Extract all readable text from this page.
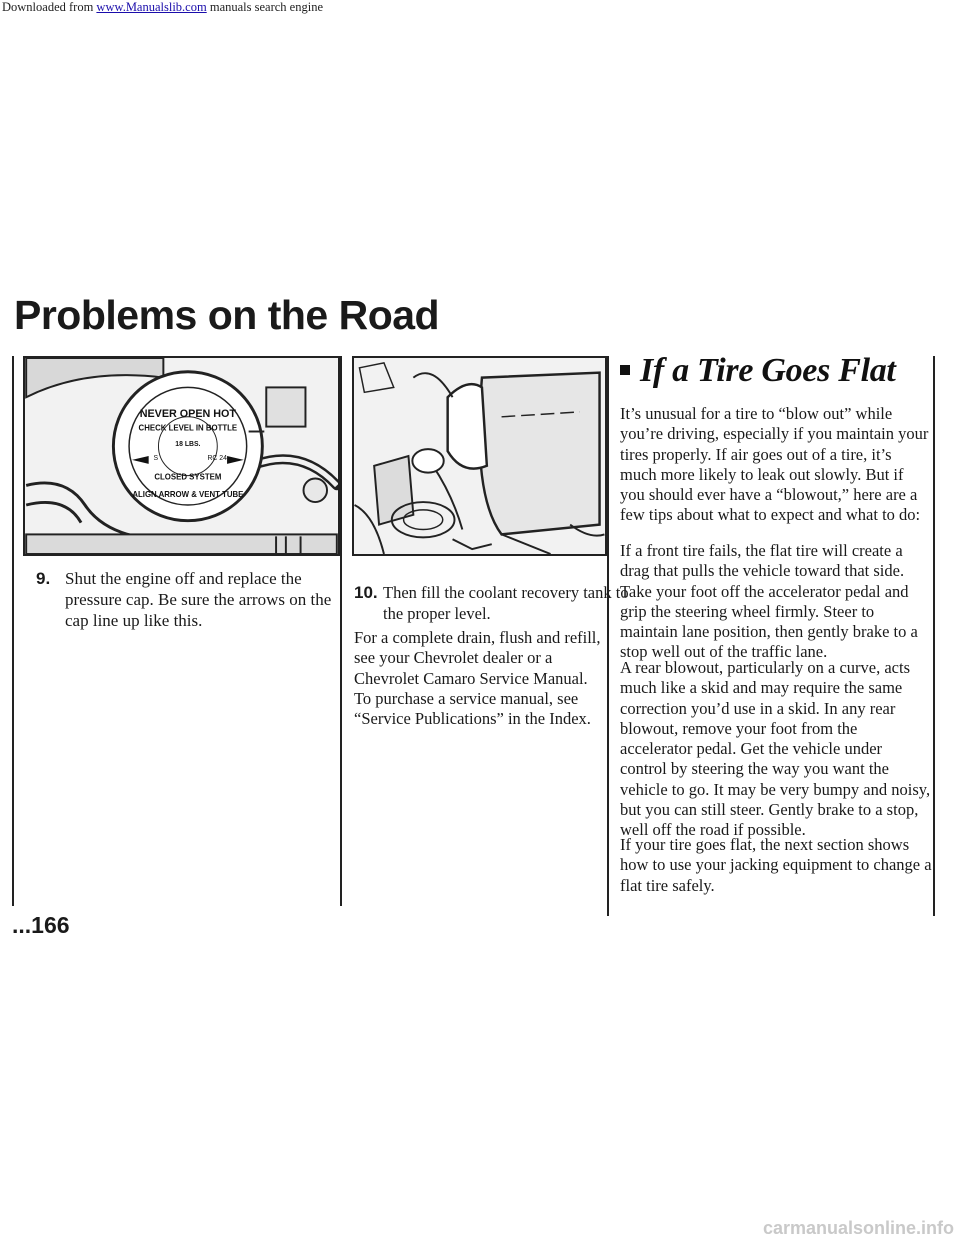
Downloaded from www.Manualslib.com manuals search engine
Problems on the Road
NEVER OPEN HOT
CHECK LEVEL IN BOTTLE
18 LBS.
S	RC 24
CLOSED SYSTEM
ALIGN ARROW & VENT TUBE

9. Shut the engine off and replace the pressure cap. Be sure the arrows on the cap line up like this.

10. Then fill the coolant recovery tank to the proper level.

For a complete drain, flush and refill, see your Chevrolet dealer or a Chevrolet Camaro Service Manual. To purchase a service manual, see “Service Publications” in the Index.

If a Tire Goes Flat

It’s unusual for a tire to “blow out” while you’re driving, especially if you maintain your tires properly. If air goes out of a tire, it’s much more likely to leak out slowly. But if you should ever have a “blowout,” here are a few tips about what to expect and what to do:

If a front tire fails, the flat tire will create a drag that pulls the vehicle toward that side. Take your foot off the accelerator pedal and grip the steering wheel firmly. Steer to maintain lane position, then gently brake to a stop well out of the traffic lane.

A rear blowout, particularly on a curve, acts much like a skid and may require the same correction you’d use in a skid. In any rear blowout, remove your foot from the accelerator pedal. Get the vehicle under control by steering the way you want the vehicle to go. It may be very bumpy and noisy, but you can still steer. Gently brake to a stop, well off the road if possible.

If your tire goes flat, the next section shows how to use your jacking equipment to change a flat tire safely.

...166

carmanualsonline.info
